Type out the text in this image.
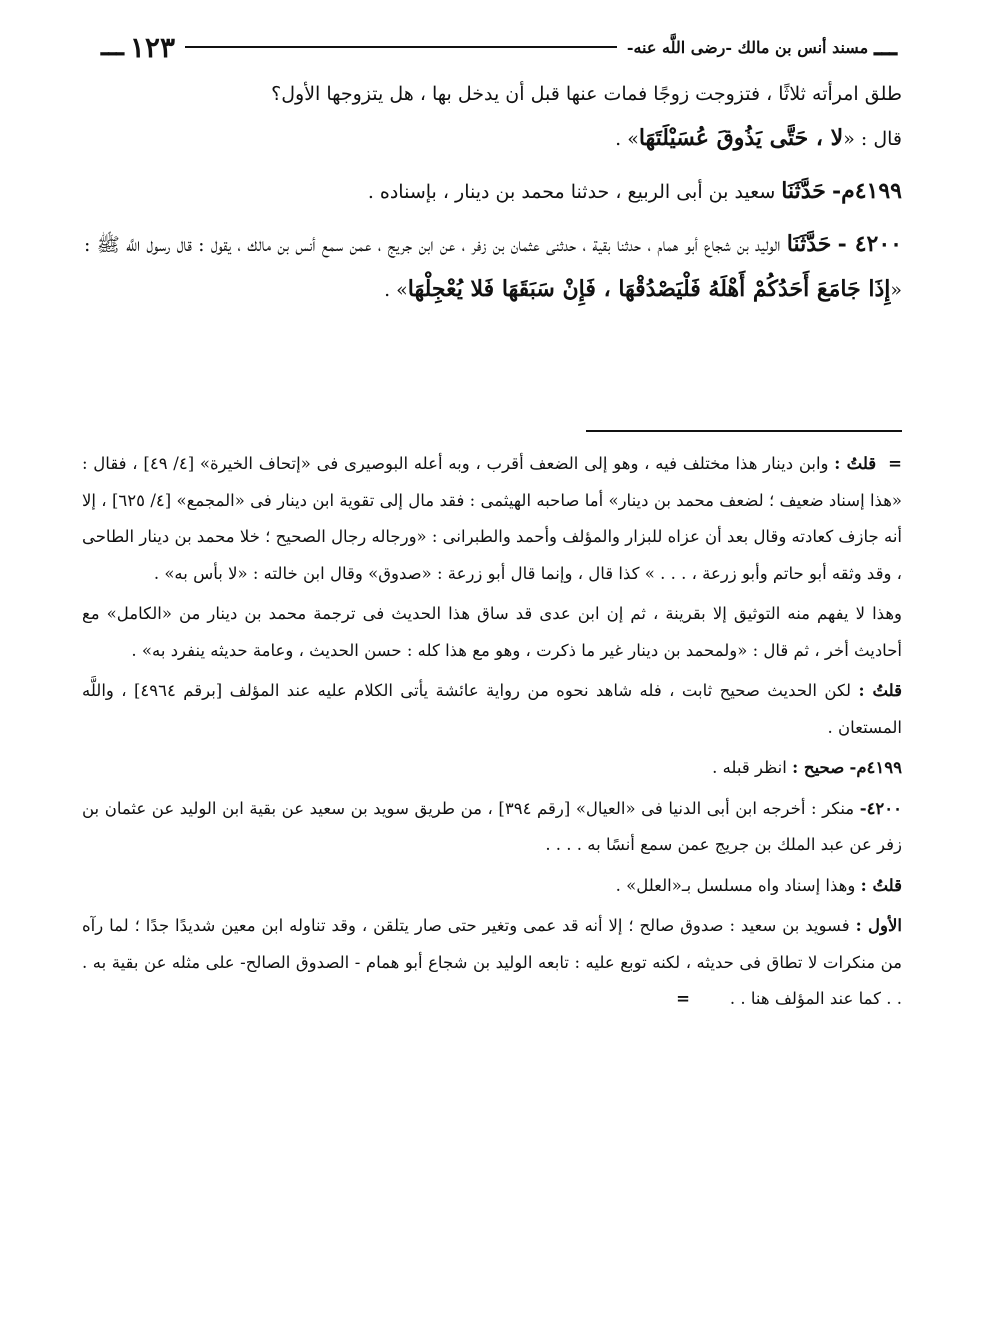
ـــ
مسند أنس بن مالك -رضى اللَّه عنه-
١٢٣
ـــ

طلق امرأته ثلاثًا ، فتزوجت زوجًا فمات عنها قبل أن يدخل بها ، هل يتزوجها الأول؟
قال : «لا ، حَتَّى يَذُوقَ عُسَيْلَتَهَا» .

٤١٩٩م- حَدَّثَنَا سعيد بن أبى الربيع ، حدثنا محمد بن دينار ، بإسناده .

٤٢٠٠ - حَدَّثَنَا الوليد بن شجاع أبو همام ، حدثنا بقية ، حدثنى عثمان بن زفر ، عن ابن جريج ، عمن سمع أنس بن مالك ، يقول : قال رسول اللَّه ﷺ : «إِذَا جَامَعَ أَحَدُكُمْ أَهْلَهُ فَلْيَصْدُقْهَا ، فَإِنْ سَبَقَهَا فَلا يُعْجِلْهَا» .

=قلتُ : وابن دينار هذا مختلف فيه ، وهو إلى الضعف أقرب ، وبه أعله البوصيرى فى «إتحاف الخيرة» [٤/ ٤٩] ، فقال : «هذا إسناد ضعيف ؛ لضعف محمد بن دينار» أما صاحبه الهيثمى : فقد مال إلى تقوية ابن دينار فى «المجمع» [٤/ ٦٢٥] ، إلا أنه جازف كعادته وقال بعد أن عزاه للبزار والمؤلف وأحمد والطبرانى : «ورجاله رجال الصحيح ؛ خلا محمد بن دينار الطاحى ، وقد وثقه أبو حاتم وأبو زرعة ، . . . » كذا قال ، وإنما قال أبو زرعة : «صدوق» وقال ابن خالته : «لا بأس به» .

وهذا لا يفهم منه التوثيق إلا بقرينة ، ثم إن ابن عدى قد ساق هذا الحديث فى ترجمة محمد بن دينار من «الكامل» مع أحاديث أخر ، ثم قال : «ولمحمد بن دينار غير ما ذكرت ، وهو مع هذا كله : حسن الحديث ، وعامة حديثه ينفرد به» .

قلتُ : لكن الحديث صحيح ثابت ، فله شاهد نحوه من رواية عائشة يأتى الكلام عليه عند المؤلف [برقم ٤٩٦٤] ، واللَّه المستعان .

٤١٩٩م- صحيح : انظر قبله .

٤٢٠٠- منكر : أخرجه ابن أبى الدنيا فى «العيال» [رقم ٣٩٤] ، من طريق سويد بن سعيد عن بقية ابن الوليد عن عثمان بن زفر عن عبد الملك بن جريج عمن سمع أنسًا به . . . .

قلتُ : وهذا إسناد واه مسلسل بـ«العلل» .

الأول : فسويد بن سعيد : صدوق صالح ؛ إلا أنه قد عمى وتغير حتى صار يتلقن ، وقد تناوله ابن معين شديدًا جدًا ؛ لما رآه من منكرات لا تطاق فى حديثه ، لكنه توبع عليه : تابعه الوليد بن شجاع أبو همام - الصدوق الصالح- على مثله عن بقية به . . . كما عند المؤلف هنا . .=
